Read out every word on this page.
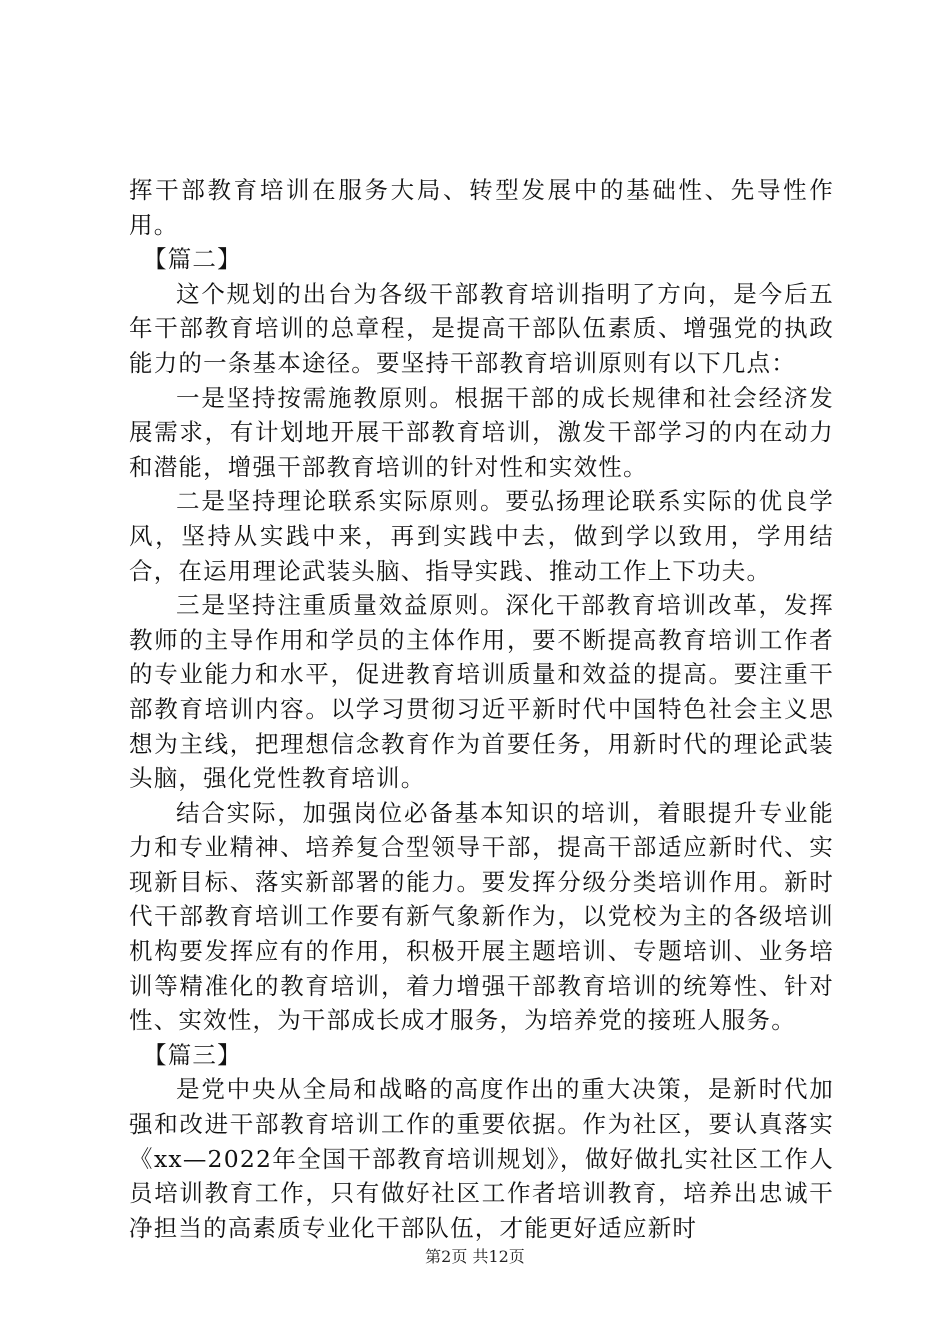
挥干部教育培训在服务大局、转型发展中的基础性、先导性作用。

【篇二】

这个规划的出台为各级干部教育培训指明了方向，是今后五年干部教育培训的总章程，是提高干部队伍素质、增强党的执政能力的一条基本途径。要坚持干部教育培训原则有以下几点：

一是坚持按需施教原则。根据干部的成长规律和社会经济发展需求，有计划地开展干部教育培训，激发干部学习的内在动力和潜能，增强干部教育培训的针对性和实效性。

二是坚持理论联系实际原则。要弘扬理论联系实际的优良学风，坚持从实践中来，再到实践中去，做到学以致用，学用结合，在运用理论武装头脑、指导实践、推动工作上下功夫。

三是坚持注重质量效益原则。深化干部教育培训改革，发挥教师的主导作用和学员的主体作用，要不断提高教育培训工作者的专业能力和水平，促进教育培训质量和效益的提高。要注重干部教育培训内容。以学习贯彻习近平新时代中国特色社会主义思想为主线，把理想信念教育作为首要任务，用新时代的理论武装头脑，强化党性教育培训。

结合实际，加强岗位必备基本知识的培训，着眼提升专业能力和专业精神、培养复合型领导干部，提高干部适应新时代、实现新目标、落实新部署的能力。要发挥分级分类培训作用。新时代干部教育培训工作要有新气象新作为，以党校为主的各级培训机构要发挥应有的作用，积极开展主题培训、专题培训、业务培训等精准化的教育培训，着力增强干部教育培训的统筹性、针对性、实效性，为干部成长成才服务，为培养党的接班人服务。

【篇三】

是党中央从全局和战略的高度作出的重大决策，是新时代加强和改进干部教育培训工作的重要依据。作为社区，要认真落实《xx—2022年全国干部教育培训规划》，做好做扎实社区工作人员培训教育工作，只有做好社区工作者培训教育，培养出忠诚干净担当的高素质专业化干部队伍，才能更好适应新时

第2页 共12页
